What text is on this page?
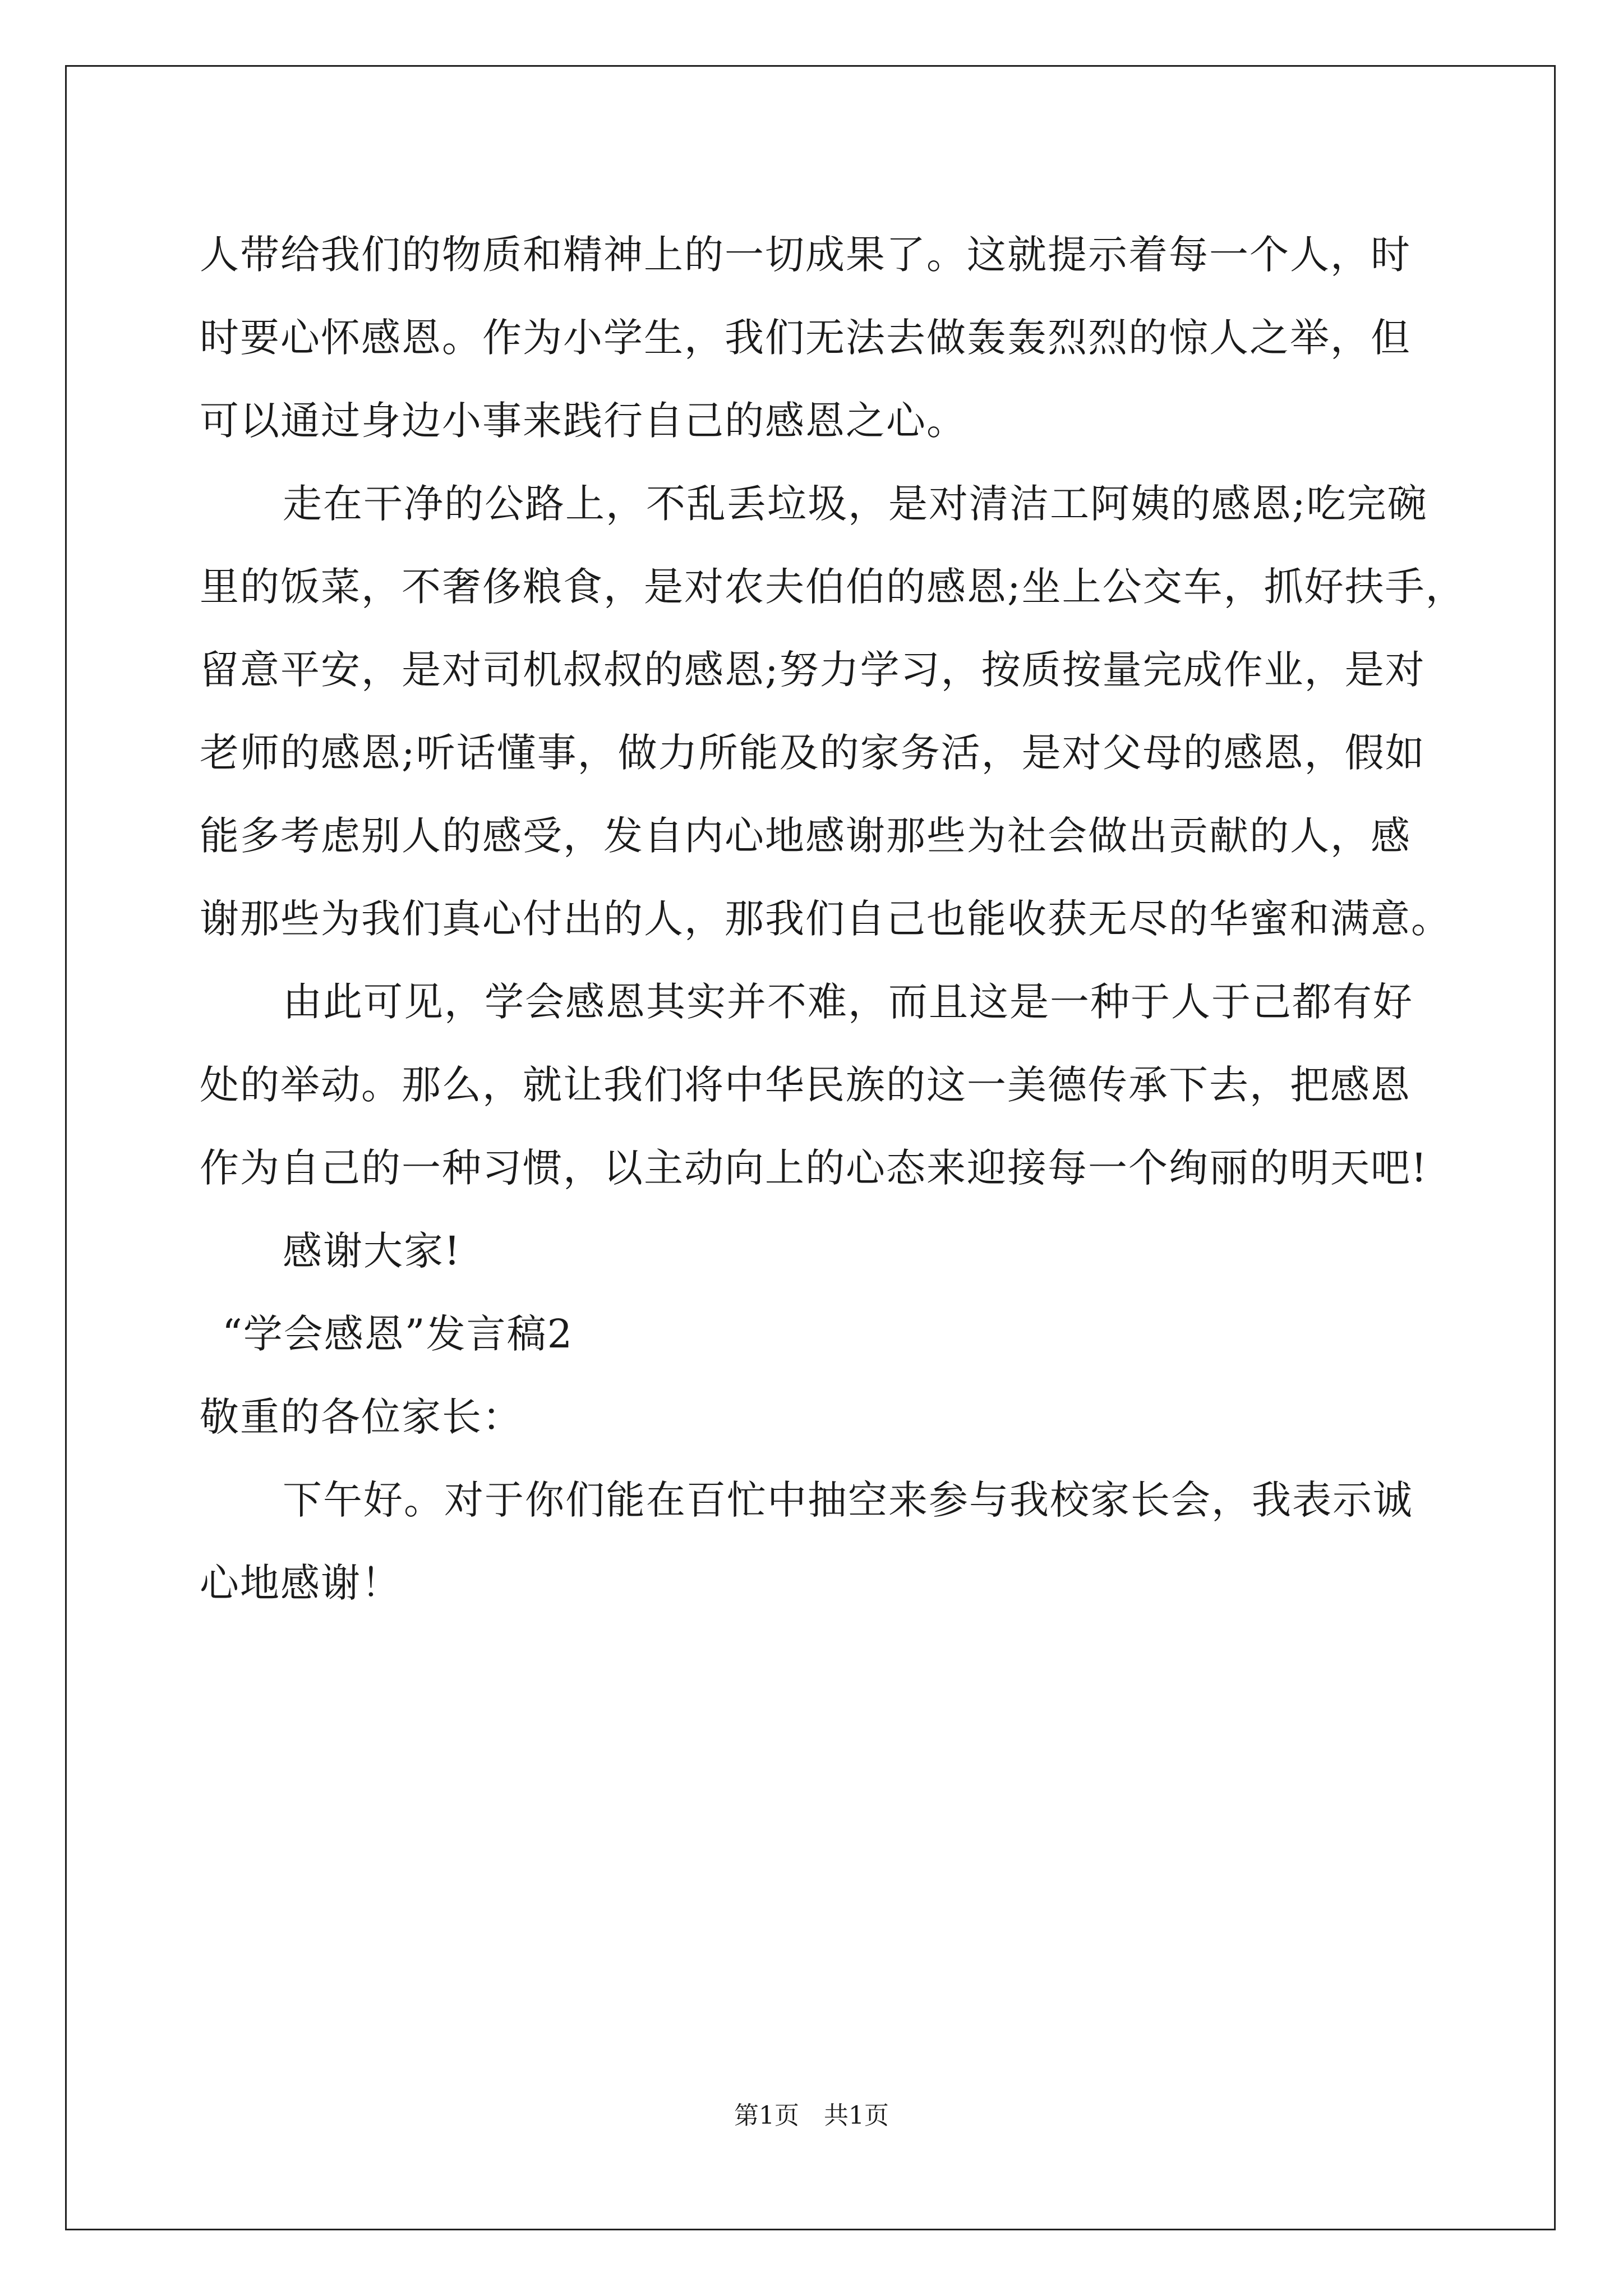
人带给我们的物质和精神上的一切成果了。这就提示着每一个人，时
时要心怀感恩。作为小学生，我们无法去做轰轰烈烈的惊人之举，但
可以通过身边小事来践行自己的感恩之心。
走在干净的公路上，不乱丢垃圾，是对清洁工阿姨的感恩;吃完碗
里的饭菜，不奢侈粮食，是对农夫伯伯的感恩;坐上公交车，抓好扶手，
留意平安，是对司机叔叔的感恩;努力学习，按质按量完成作业，是对
老师的感恩;听话懂事，做力所能及的家务活，是对父母的感恩，假如
能多考虑别人的感受，发自内心地感谢那些为社会做出贡献的人，感
谢那些为我们真心付出的人，那我们自己也能收获无尽的华蜜和满意。
由此可见，学会感恩其实并不难，而且这是一种于人于己都有好
处的举动。那么，就让我们将中华民族的这一美德传承下去，把感恩
作为自己的一种习惯，以主动向上的心态来迎接每一个绚丽的明天吧!
感谢大家!
“学会感恩”发言稿2
敬重的各位家长：
下午好。对于你们能在百忙中抽空来参与我校家长会，我表示诚
心地感谢！
第1页　共1页
